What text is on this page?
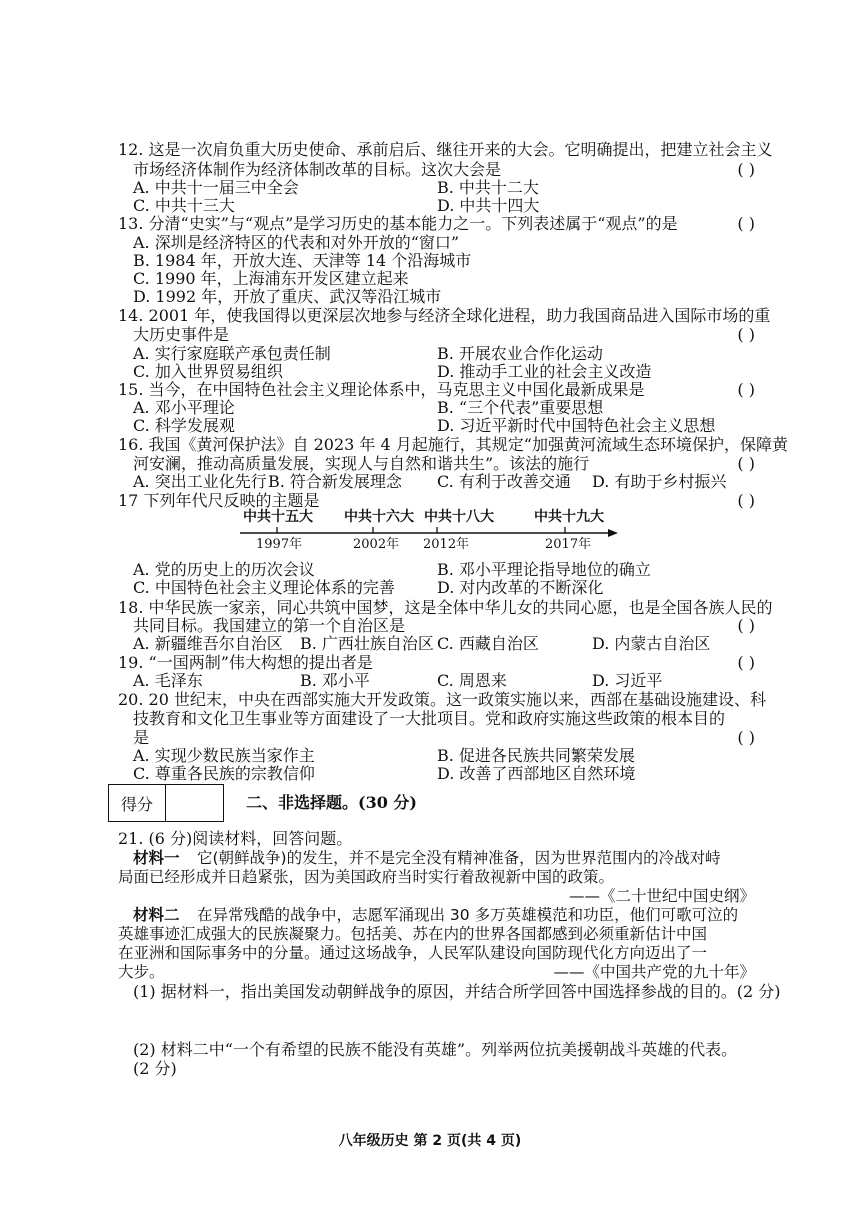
12. 这是一次肩负重大历史使命、承前启后、继往开来的大会。它明确提出，把建立社会主义
市场经济体制作为经济体制改革的目标。这次大会是	( )
A. 中共十一届三中全会	B. 中共十二大
C. 中共十三大	D. 中共十四大
13. 分清“史实”与“观点”是学习历史的基本能力之一。下列表述属于“观点”的是	( )
A. 深圳是经济特区的代表和对外开放的“窗口”
B. 1984 年，开放大连、天津等 14 个沿海城市
C. 1990 年，上海浦东开发区建立起来
D. 1992 年，开放了重庆、武汉等沿江城市
14. 2001 年，使我国得以更深层次地参与经济全球化进程，助力我国商品进入国际市场的重
大历史事件是	( )
A. 实行家庭联产承包责任制	B. 开展农业合作化运动
C. 加入世界贸易组织	D. 推动手工业的社会主义改造
15. 当今，在中国特色社会主义理论体系中，马克思主义中国化最新成果是	( )
A. 邓小平理论	B. “三个代表”重要思想
C. 科学发展观	D. 习近平新时代中国特色社会主义思想
16. 我国《黄河保护法》自 2023 年 4 月起施行，其规定“加强黄河流域生态环境保护，保障黄
河安澜，推动高质量发展，实现人与自然和谐共生”。该法的施行	( )
A. 突出工业化先行 B. 符合新发展理念 C. 有利于改善交通 D. 有助于乡村振兴
17 下列年代尺反映的主题是	( )
中共十五大
1997年
中共十六大
2002年
中共十八大
2012年
中共十九大
2017年
A. 党的历史上的历次会议	B. 邓小平理论指导地位的确立
C. 中国特色社会主义理论体系的完善	D. 对内改革的不断深化
18. 中华民族一家亲，同心共筑中国梦，这是全体中华儿女的共同心愿，也是全国各族人民的
共同目标。我国建立的第一个自治区是	( )
A. 新疆维吾尔自治区 B. 广西壮族自治区 C. 西藏自治区	D. 内蒙古自治区
19. “一国两制”伟大构想的提出者是	( )
A. 毛泽东	B. 邓小平	C. 周恩来	D. 习近平
20. 20 世纪末，中央在西部实施大开发政策。这一政策实施以来，西部在基础设施建设、科
技教育和文化卫生事业等方面建设了一大批项目。党和政府实施这些政策的根本目的
是	( )
A. 实现少数民族当家作主	B. 促进各民族共同繁荣发展
C. 尊重各民族的宗教信仰	D. 改善了西部地区自然环境
得分	二、非选择题。(30 分)
21. (6 分)阅读材料，回答问题。
材料一 它(朝鲜战争)的发生，并不是完全没有精神准备，因为世界范围内的冷战对峙
局面已经形成并日趋紧张，因为美国政府当时实行着敌视新中国的政策。
——《二十世纪中国史纲》
材料二 在异常残酷的战争中，志愿军涌现出 30 多万英雄模范和功臣，他们可歌可泣的
英雄事迹汇成强大的民族凝聚力。包括美、苏在内的世界各国都感到必须重新估计中国
在亚洲和国际事务中的分量。通过这场战争，人民军队建设向国防现代化方向迈出了一
大步。	——《中国共产党的九十年》
(1) 据材料一，指出美国发动朝鲜战争的原因，并结合所学回答中国选择参战的目的。(2 分)
(2) 材料二中“一个有希望的民族不能没有英雄”。列举两位抗美援朝战斗英雄的代表。
(2 分)
八年级历史 第 2 页(共 4 页)
